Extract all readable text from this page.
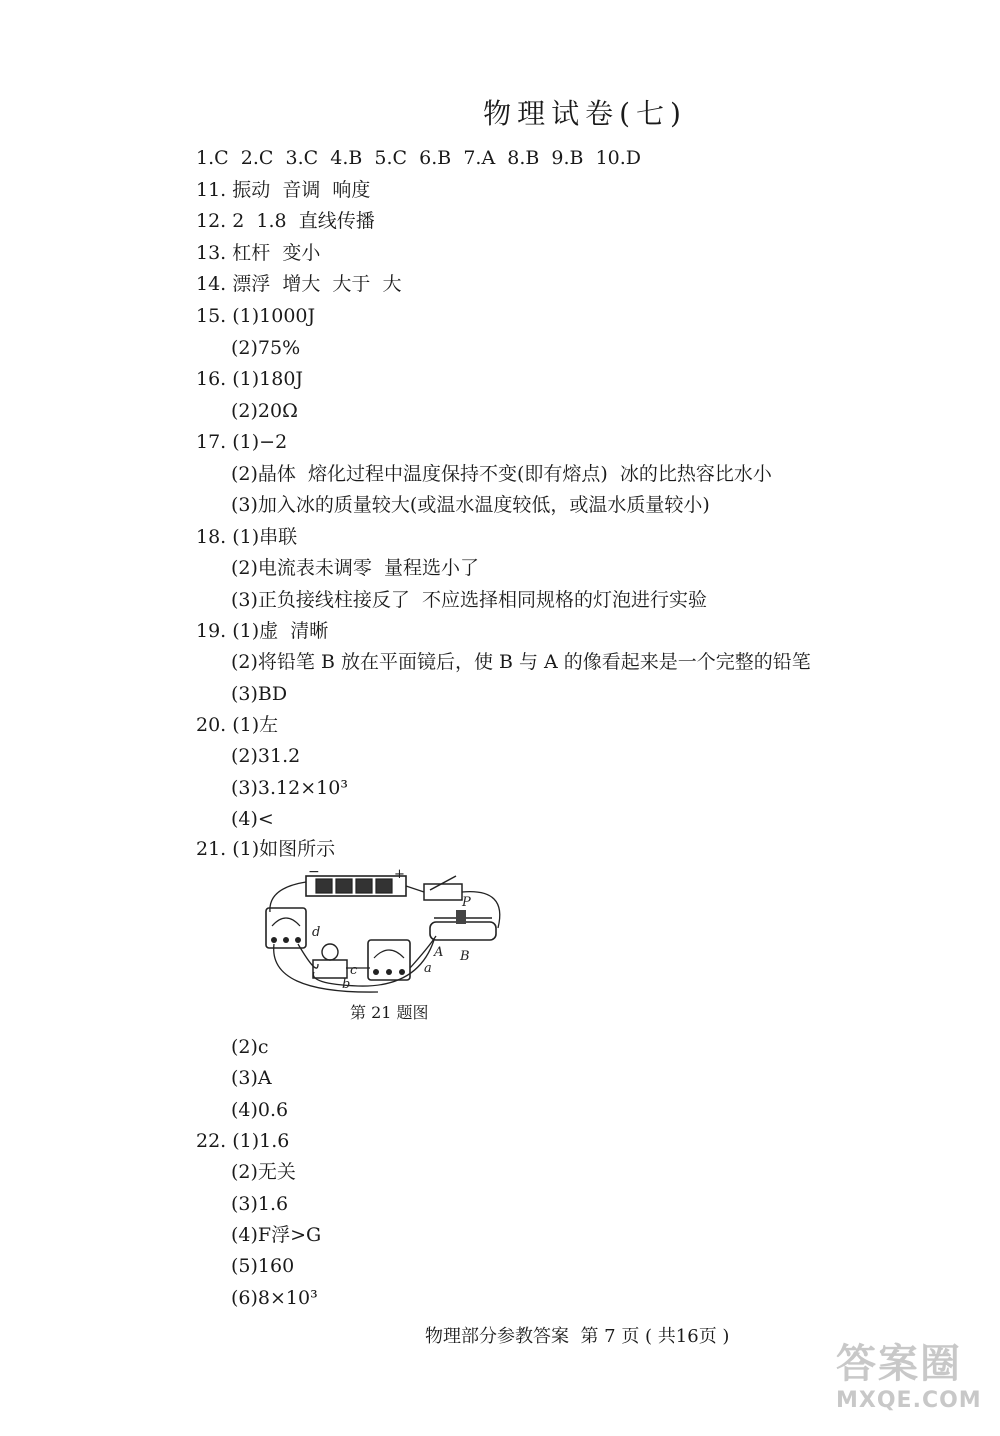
物理试卷(七)
1.C  2.C  3.C  4.B  5.C  6.B  7.A  8.B  9.B  10.D
11. 振动  音调  响度
12. 2  1.8  直线传播
13. 杠杆  变小
14. 漂浮  增大  大于  大
15. (1)1000J
(2)75%
16. (1)180J
(2)20Ω
17. (1)−2
(2)晶体  熔化过程中温度保持不变(即有熔点)  冰的比热容比水小
(3)加入冰的质量较大(或温水温度较低，或温水质量较小)
18. (1)串联
(2)电流表未调零  量程选小了
(3)正负接线柱接反了  不应选择相同规格的灯泡进行实验
19. (1)虚  清晰
(2)将铅笔 B 放在平面镜后，使 B 与 A 的像看起来是一个完整的铅笔
(3)BD
20. (1)左
(2)31.2
(3)3.12×10³
(4)<
21. (1)如图所示
−	+
P
A B
a
b
c
d
第 21 题图
(2)c
(3)A
(4)0.6
22. (1)1.6
(2)无关
(3)1.6
(4)F浮>G
(5)160
(6)8×10³
物理部分参教答案  第 7 页 ( 共16页 )
答案圈
MXQE.COM
